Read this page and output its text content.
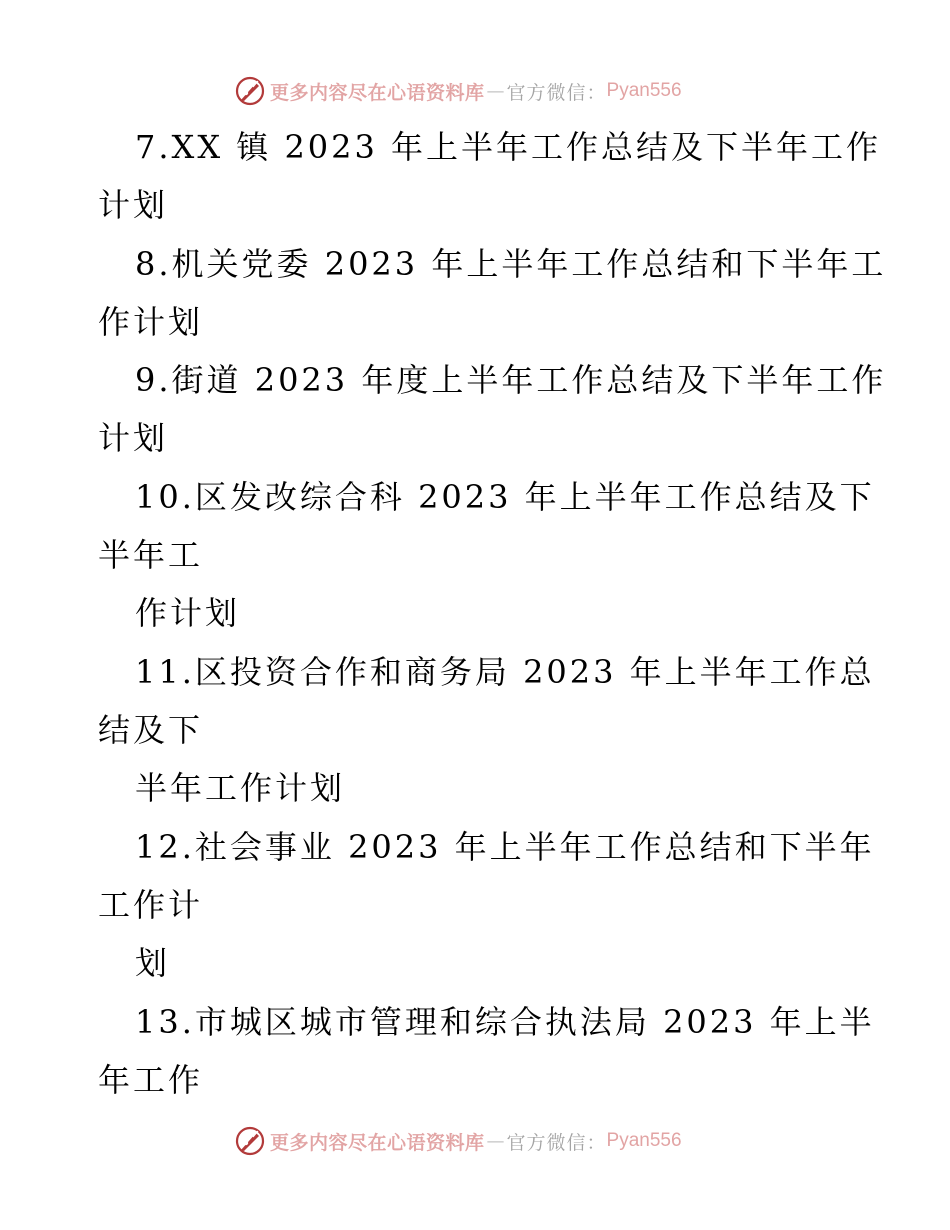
更多内容尽在心语资料库 — 官方微信： Pyan556
7.XX 镇 2023 年上半年工作总结及下半年工作
计划
8.机关党委 2023 年上半年工作总结和下半年工
作计划
9.街道 2023 年度上半年工作总结及下半年工作
计划
10.区发改综合科 2023 年上半年工作总结及下
半年工
作计划
11.区投资合作和商务局 2023 年上半年工作总
结及下
半年工作计划
12.社会事业 2023 年上半年工作总结和下半年
工作计
划
13.市城区城市管理和综合执法局 2023 年上半
年工作
更多内容尽在心语资料库 — 官方微信： Pyan556
